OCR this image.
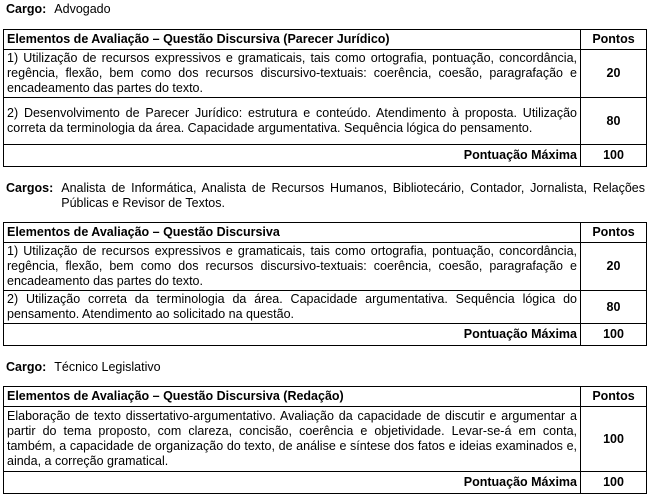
Cargo: Advogado
Elementos de Avaliação – Questão Discursiva (Parecer Jurídico)	Pontos
1) Utilização de recursos expressivos e gramaticais, tais como ortografia, pontuação, concordância, regência, flexão, bem como dos recursos discursivo-textuais: coerência, coesão, paragrafação e encadeamento das partes do texto.	20
2) Desenvolvimento de Parecer Jurídico: estrutura e conteúdo. Atendimento à proposta. Utilização correta da terminologia da área. Capacidade argumentativa. Sequência lógica do pensamento.	80
Pontuação Máxima	100
Cargos: Analista de Informática, Analista de Recursos Humanos, Bibliotecário, Contador, Jornalista, Relações Públicas e Revisor de Textos.
Elementos de Avaliação – Questão Discursiva	Pontos
1) Utilização de recursos expressivos e gramaticais, tais como ortografia, pontuação, concordância, regência, flexão, bem como dos recursos discursivo-textuais: coerência, coesão, paragrafação e encadeamento das partes do texto.	20
2) Utilização correta da terminologia da área. Capacidade argumentativa. Sequência lógica do pensamento. Atendimento ao solicitado na questão.	80
Pontuação Máxima	100
Cargo: Técnico Legislativo
Elementos de Avaliação – Questão Discursiva (Redação)	Pontos
Elaboração de texto dissertativo-argumentativo. Avaliação da capacidade de discutir e argumentar a partir do tema proposto, com clareza, concisão, coerência e objetividade. Levar-se-á em conta, também, a capacidade de organização do texto, de análise e síntese dos fatos e ideias examinados e, ainda, a correção gramatical.	100
Pontuação Máxima	100
